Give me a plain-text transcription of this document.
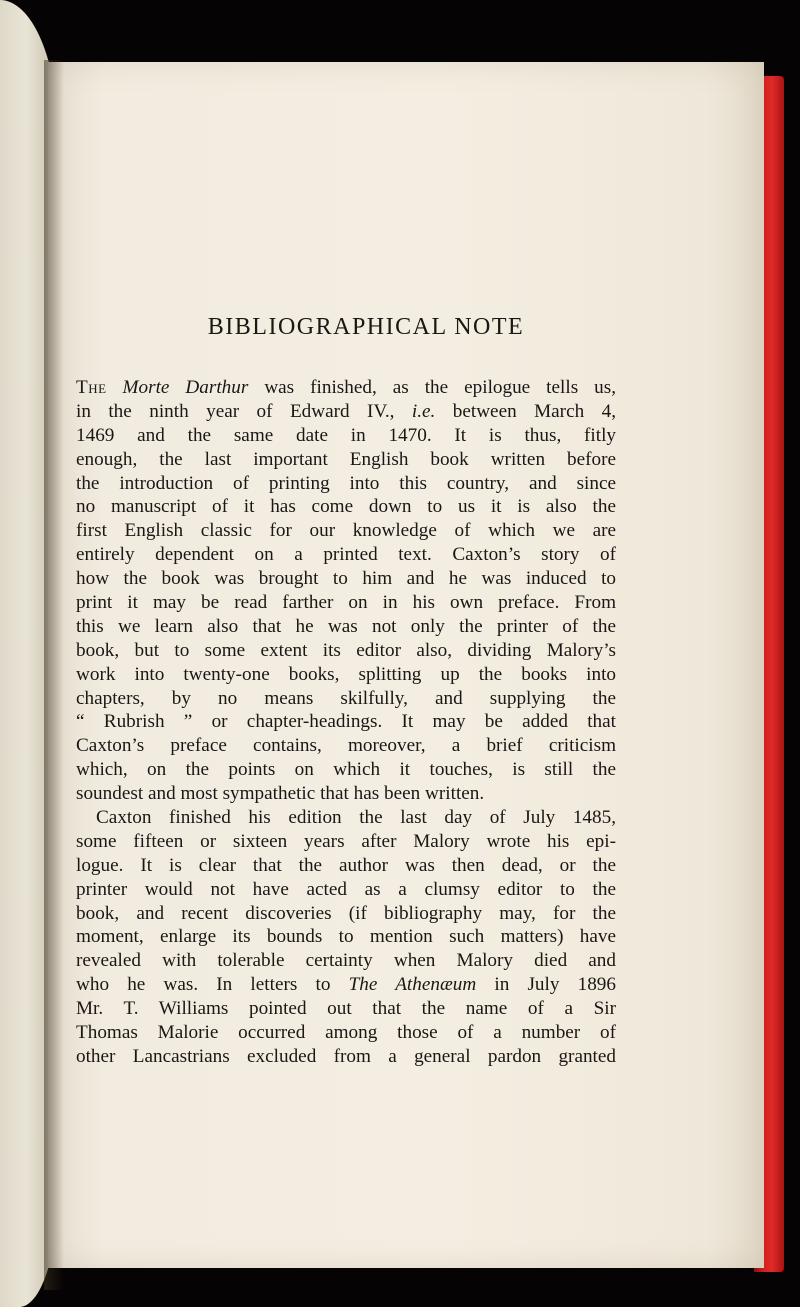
BIBLIOGRAPHICAL NOTE
The Morte Darthur was finished, as the epilogue tells us,
in the ninth year of Edward IV., i.e. between March 4,
1469 and the same date in 1470. It is thus, fitly
enough, the last important English book written before
the introduction of printing into this country, and since
no manuscript of it has come down to us it is also the
first English classic for our knowledge of which we are
entirely dependent on a printed text. Caxton’s story of
how the book was brought to him and he was induced to
print it may be read farther on in his own preface. From
this we learn also that he was not only the printer of the
book, but to some extent its editor also, dividing Malory’s
work into twenty-one books, splitting up the books into
chapters, by no means skilfully, and supplying the
“ Rubrish ” or chapter-headings. It may be added that
Caxton’s preface contains, moreover, a brief criticism
which, on the points on which it touches, is still the
soundest and most sympathetic that has been written.
Caxton finished his edition the last day of July 1485,
some fifteen or sixteen years after Malory wrote his epi-
logue. It is clear that the author was then dead, or the
printer would not have acted as a clumsy editor to the
book, and recent discoveries (if bibliography may, for the
moment, enlarge its bounds to mention such matters) have
revealed with tolerable certainty when Malory died and
who he was. In letters to The Athenæum in July 1896
Mr. T. Williams pointed out that the name of a Sir
Thomas Malorie occurred among those of a number of
other Lancastrians excluded from a general pardon granted
